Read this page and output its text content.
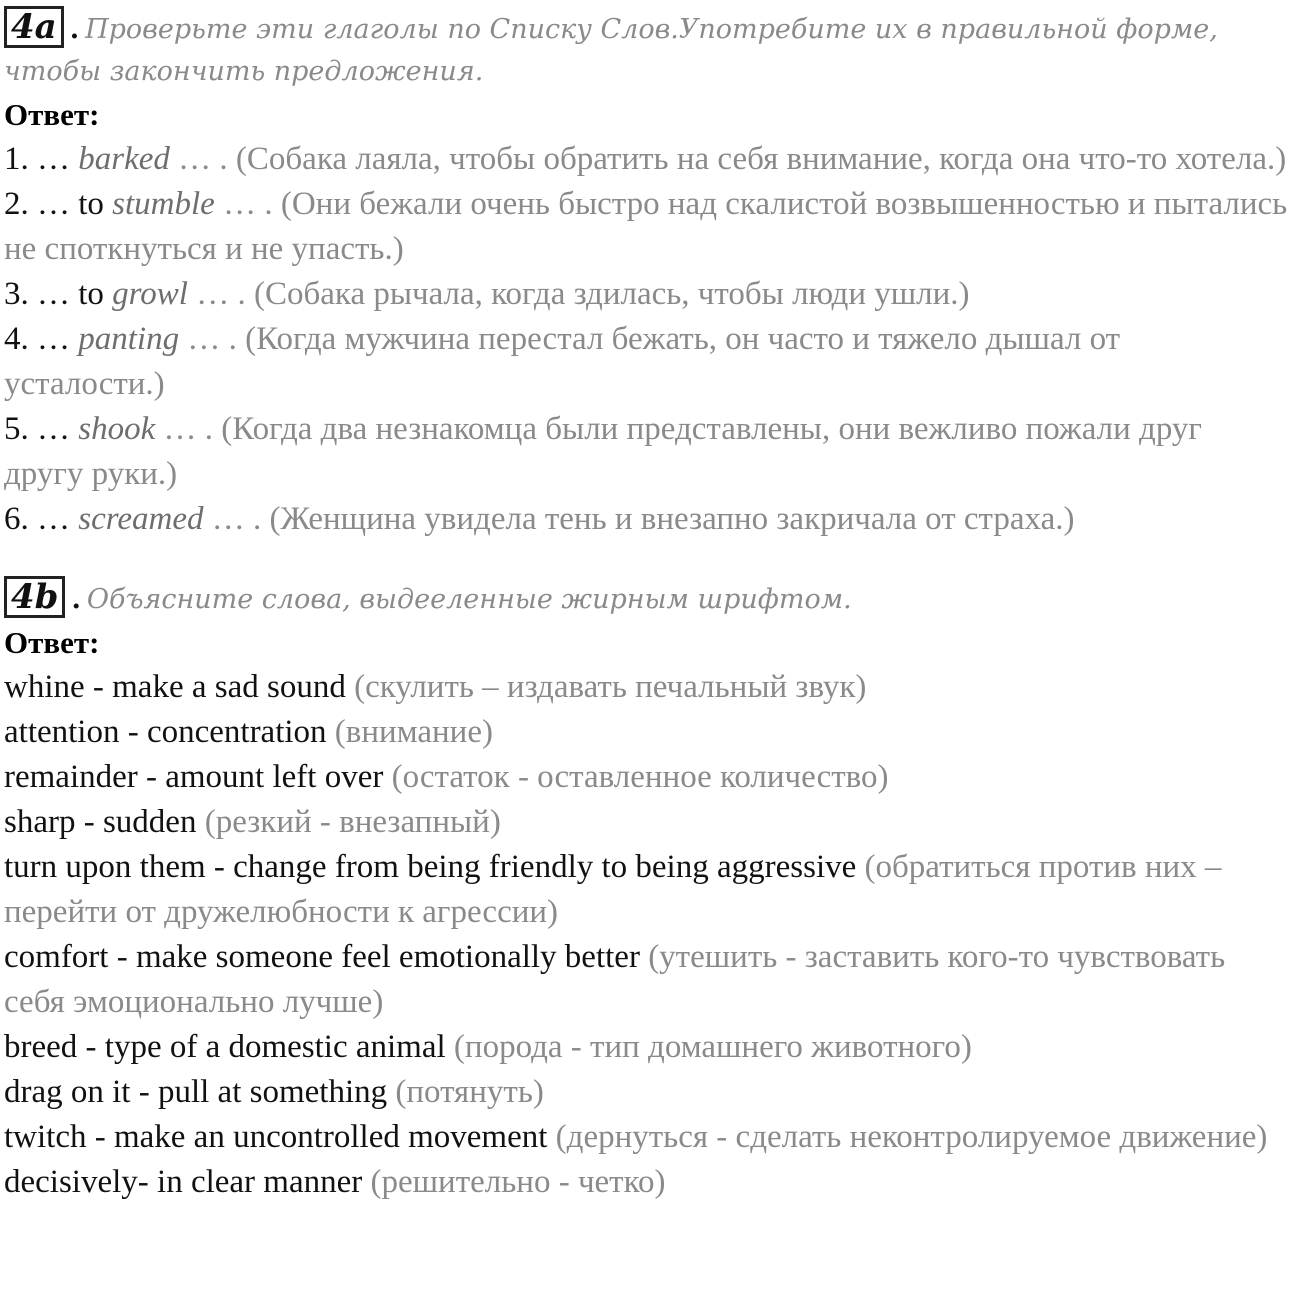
4a . Проверьте эти глаголы по Списку Слов.Употребите их в правильной форме, чтобы закончить предложения.
Ответ:
1. … barked … . (Собака лаяла, чтобы обратить на себя внимание, когда она что-то хотела.)
2. … to stumble … . (Они бежали очень быстро над скалистой возвышенностью и пытались не споткнуться и не упасть.)
3. … to growl … . (Собака рычала, когда здилась, чтобы люди ушли.)
4. … panting … . (Когда мужчина перестал бежать, он часто и тяжело дышал от усталости.)
5. … shook … . (Когда два незнакомца были представлены, они вежливо пожали друг другу руки.)
6. … screamed … . (Женщина увидела тень и внезапно закричала от страха.)
4b . Объясните слова, выдееленные жирным шрифтом.
Ответ:
whine - make a sad sound (скулить – издавать печальный звук)
attention - concentration (внимание)
remainder - amount left over (остаток - оставленное количество)
sharp - sudden (резкий - внезапный)
turn upon them - change from being friendly to being aggressive (обратиться против них – перейти от дружелюбности к агрессии)
comfort - make someone feel emotionally better (утешить - заставить кого-то чувствовать себя эмоционально лучше)
breed - type of a domestic animal (порода - тип домашнего животного)
drag on it - pull at something (потянуть)
twitch - make an uncontrolled movement (дернуться - сделать неконтролируемое движение)
decisively- in clear manner (решительно - четко)
